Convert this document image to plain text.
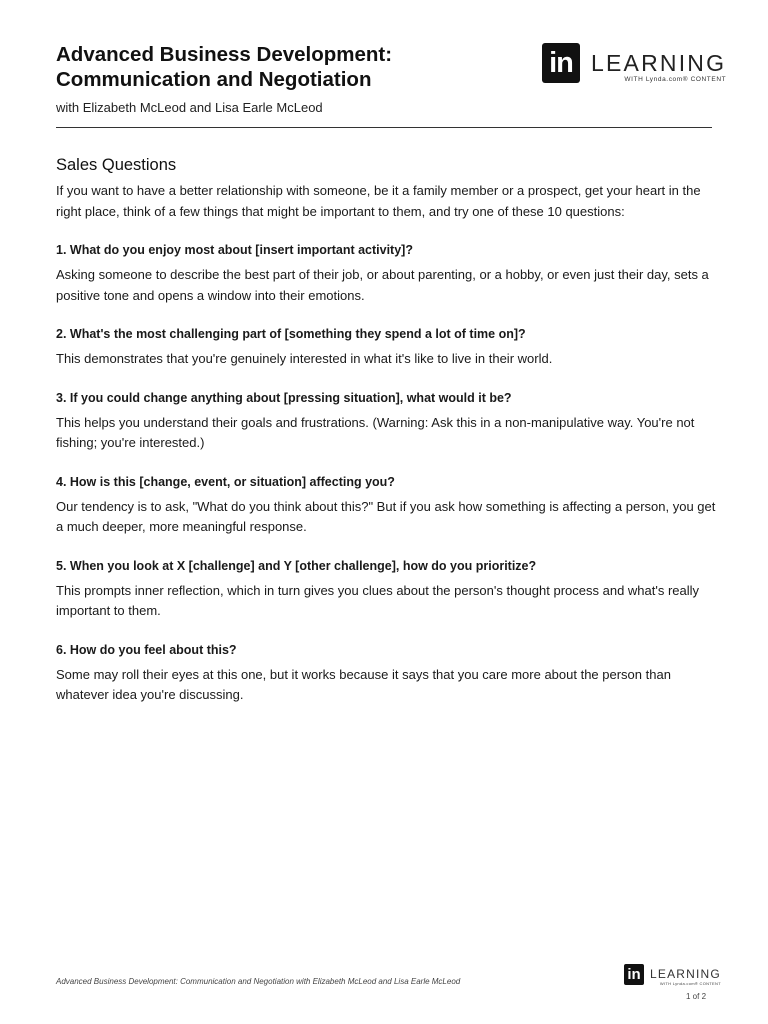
Advanced Business Development:
Communication and Negotiation
with Elizabeth McLeod and Lisa Earle McLeod
in LEARNING
WITH Lynda.com® CONTENT
Sales Questions

If you want to have a better relationship with someone, be it a family member or a prospect, get your heart in the right place, think of a few things that might be important to them, and try one of these 10 questions:

1. What do you enjoy most about [insert important activity]?

Asking someone to describe the best part of their job, or about parenting, or a hobby, or even just their day, sets a positive tone and opens a window into their emotions.

2. What's the most challenging part of [something they spend a lot of time on]?

This demonstrates that you're genuinely interested in what it's like to live in their world.

3. If you could change anything about [pressing situation], what would it be?

This helps you understand their goals and frustrations. (Warning: Ask this in a non-manipulative way. You're not fishing; you're interested.)

4. How is this [change, event, or situation] affecting you?

Our tendency is to ask, "What do you think about this?" But if you ask how something is affecting a person, you get a much deeper, more meaningful response.

5. When you look at X [challenge] and Y [other challenge], how do you prioritize?

This prompts inner reflection, which in turn gives you clues about the person's thought process and what's really important to them.

6. How do you feel about this?

Some may roll their eyes at this one, but it works because it says that you care more about the person than whatever idea you're discussing.

Advanced Business Development: Communication and Negotiation with Elizabeth McLeod and Lisa Earle McLeod	in LEARNING
WITH Lynda.com® CONTENT
1 of 2
